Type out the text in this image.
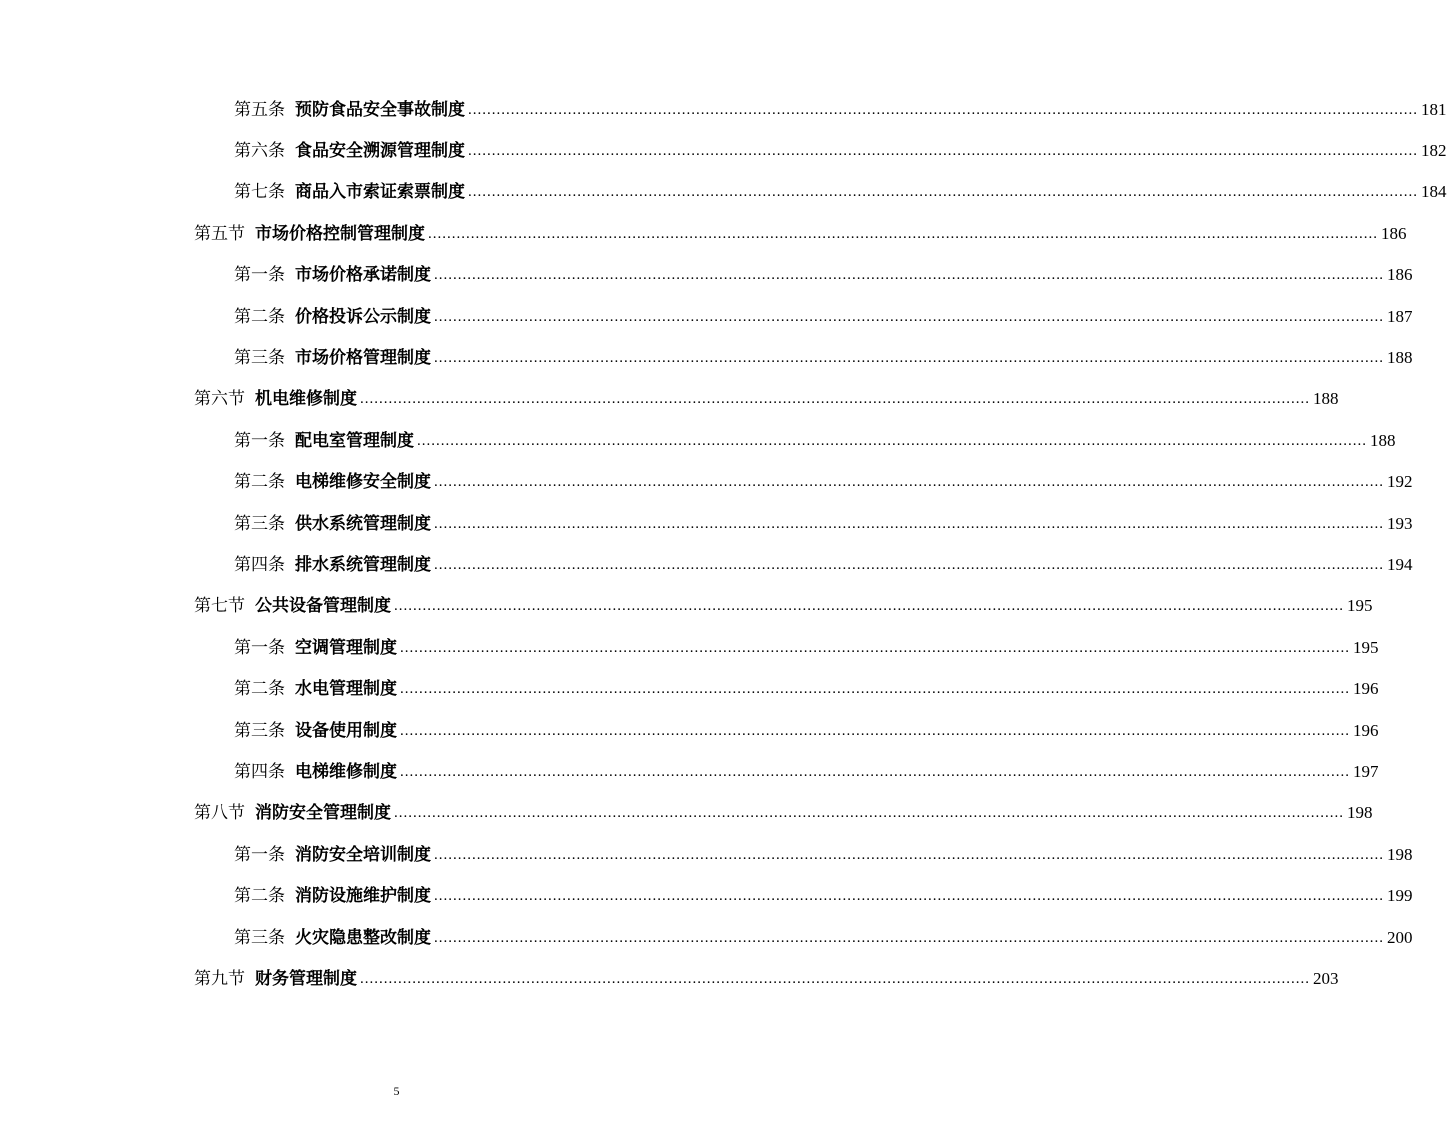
第五条 预防食品安全事故制度 ........................................................................................................................................................................................................ 181
第六条 食品安全溯源管理制度 ........................................................................................................................................................................................................ 182
第七条 商品入市索证索票制度 ........................................................................................................................................................................................................ 184
第五节 市场价格控制管理制度 ........................................................................................................................................................................................................ 186
第一条 市场价格承诺制度 ........................................................................................................................................................................................................ 186
第二条 价格投诉公示制度 ........................................................................................................................................................................................................ 187
第三条 市场价格管理制度 ........................................................................................................................................................................................................ 188
第六节 机电维修制度 ........................................................................................................................................................................................................ 188
第一条 配电室管理制度 ........................................................................................................................................................................................................ 188
第二条 电梯维修安全制度 ........................................................................................................................................................................................................ 192
第三条 供水系统管理制度 ........................................................................................................................................................................................................ 193
第四条 排水系统管理制度 ........................................................................................................................................................................................................ 194
第七节 公共设备管理制度 ........................................................................................................................................................................................................ 195
第一条 空调管理制度 ........................................................................................................................................................................................................ 195
第二条 水电管理制度 ........................................................................................................................................................................................................ 196
第三条 设备使用制度 ........................................................................................................................................................................................................ 196
第四条 电梯维修制度 ........................................................................................................................................................................................................ 197
第八节 消防安全管理制度 ........................................................................................................................................................................................................ 198
第一条 消防安全培训制度 ........................................................................................................................................................................................................ 198
第二条 消防设施维护制度 ........................................................................................................................................................................................................ 199
第三条 火灾隐患整改制度 ........................................................................................................................................................................................................ 200
第九节 财务管理制度 ........................................................................................................................................................................................................ 203
5
